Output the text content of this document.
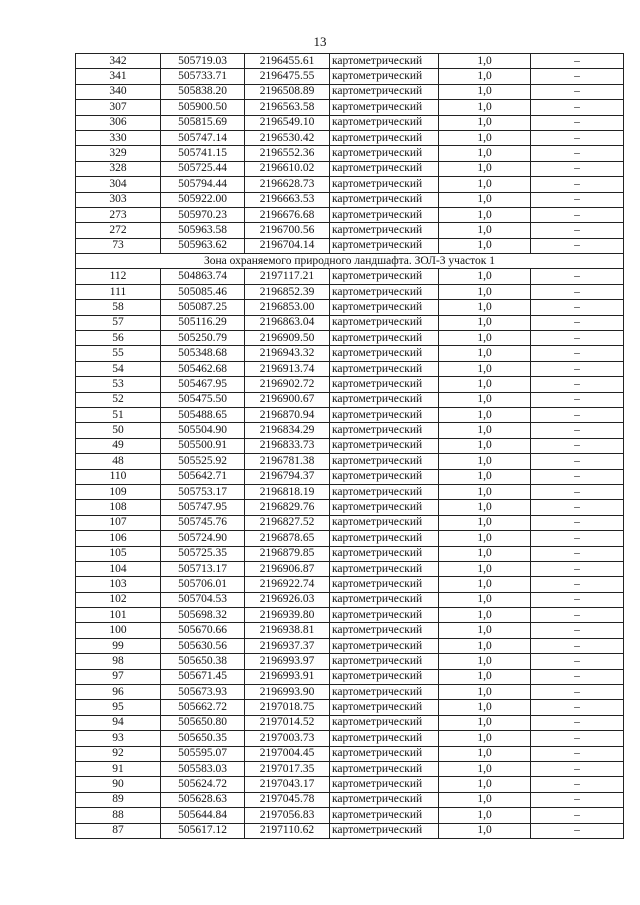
13
342	505719.03	2196455.61	картометрический	1,0	–
341	505733.71	2196475.55	картометрический	1,0	–
340	505838.20	2196508.89	картометрический	1,0	–
307	505900.50	2196563.58	картометрический	1,0	–
306	505815.69	2196549.10	картометрический	1,0	–
330	505747.14	2196530.42	картометрический	1,0	–
329	505741.15	2196552.36	картометрический	1,0	–
328	505725.44	2196610.02	картометрический	1,0	–
304	505794.44	2196628.73	картометрический	1,0	–
303	505922.00	2196663.53	картометрический	1,0	–
273	505970.23	2196676.68	картометрический	1,0	–
272	505963.58	2196700.56	картометрический	1,0	–
73	505963.62	2196704.14	картометрический	1,0	–
Зона охраняемого природного ландшафта. ЗОЛ-3 участок 1					
112	504863.74	2197117.21	картометрический	1,0	–
111	505085.46	2196852.39	картометрический	1,0	–
58	505087.25	2196853.00	картометрический	1,0	–
57	505116.29	2196863.04	картометрический	1,0	–
56	505250.79	2196909.50	картометрический	1,0	–
55	505348.68	2196943.32	картометрический	1,0	–
54	505462.68	2196913.74	картометрический	1,0	–
53	505467.95	2196902.72	картометрический	1,0	–
52	505475.50	2196900.67	картометрический	1,0	–
51	505488.65	2196870.94	картометрический	1,0	–
50	505504.90	2196834.29	картометрический	1,0	–
49	505500.91	2196833.73	картометрический	1,0	–
48	505525.92	2196781.38	картометрический	1,0	–
110	505642.71	2196794.37	картометрический	1,0	–
109	505753.17	2196818.19	картометрический	1,0	–
108	505747.95	2196829.76	картометрический	1,0	–
107	505745.76	2196827.52	картометрический	1,0	–
106	505724.90	2196878.65	картометрический	1,0	–
105	505725.35	2196879.85	картометрический	1,0	–
104	505713.17	2196906.87	картометрический	1,0	–
103	505706.01	2196922.74	картометрический	1,0	–
102	505704.53	2196926.03	картометрический	1,0	–
101	505698.32	2196939.80	картометрический	1,0	–
100	505670.66	2196938.81	картометрический	1,0	–
99	505630.56	2196937.37	картометрический	1,0	–
98	505650.38	2196993.97	картометрический	1,0	–
97	505671.45	2196993.91	картометрический	1,0	–
96	505673.93	2196993.90	картометрический	1,0	–
95	505662.72	2197018.75	картометрический	1,0	–
94	505650.80	2197014.52	картометрический	1,0	–
93	505650.35	2197003.73	картометрический	1,0	–
92	505595.07	2197004.45	картометрический	1,0	–
91	505583.03	2197017.35	картометрический	1,0	–
90	505624.72	2197043.17	картометрический	1,0	–
89	505628.63	2197045.78	картометрический	1,0	–
88	505644.84	2197056.83	картометрический	1,0	–
87	505617.12	2197110.62	картометрический	1,0	–
